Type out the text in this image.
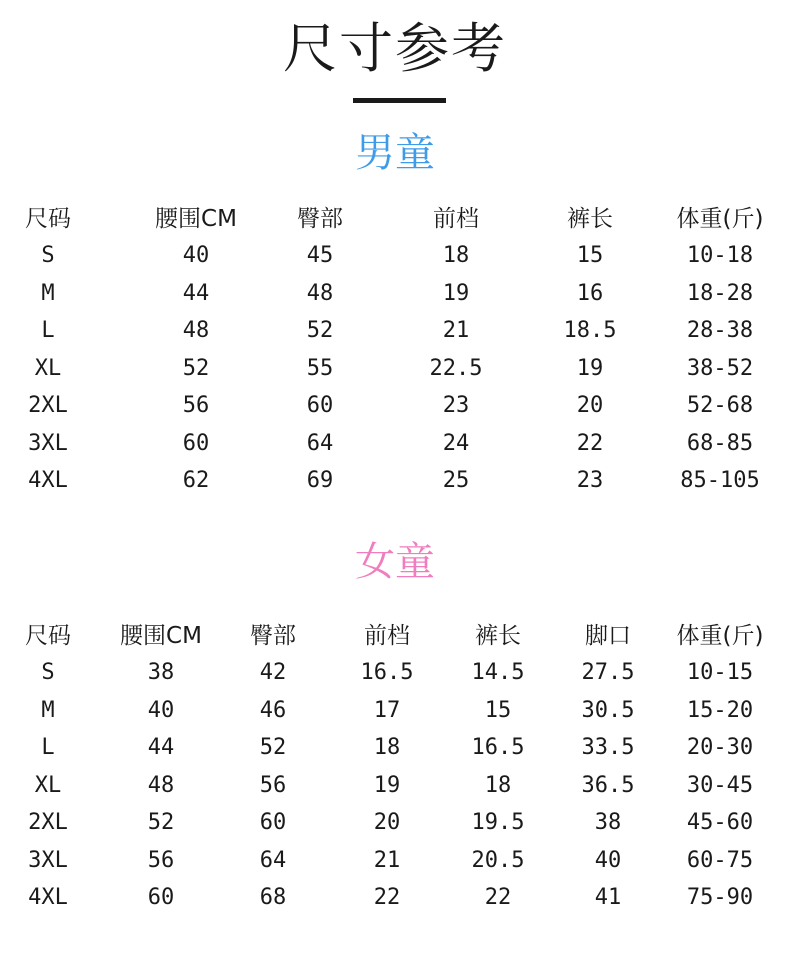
尺寸参考
男童
尺码		腰围CM	臀部		前档		裤长	体重(斤)	
S		40	45		18		15	10-18	
M		44	48		19		16	18-28	
L		48	52		21		18.5	28-38	
XL		52	55		22.5		19	38-52	
2XL		56	60		23		20	52-68	
3XL		60	64		24		22	68-85	
4XL		62	69		25		23	85-105	
女童
尺码		腰围CM	臀部		前档		裤长	脚口		体重(斤)	
S		38	42		16.5		14.5	27.5		10-15	
M		40	46		17		15	30.5		15-20	
L		44	52		18		16.5	33.5		20-30	
XL		48	56		19		18	36.5		30-45	
2XL		52	60		20		19.5	38		45-60	
3XL		56	64		21		20.5	40		60-75	
4XL		60	68		22		22	41		75-90	
